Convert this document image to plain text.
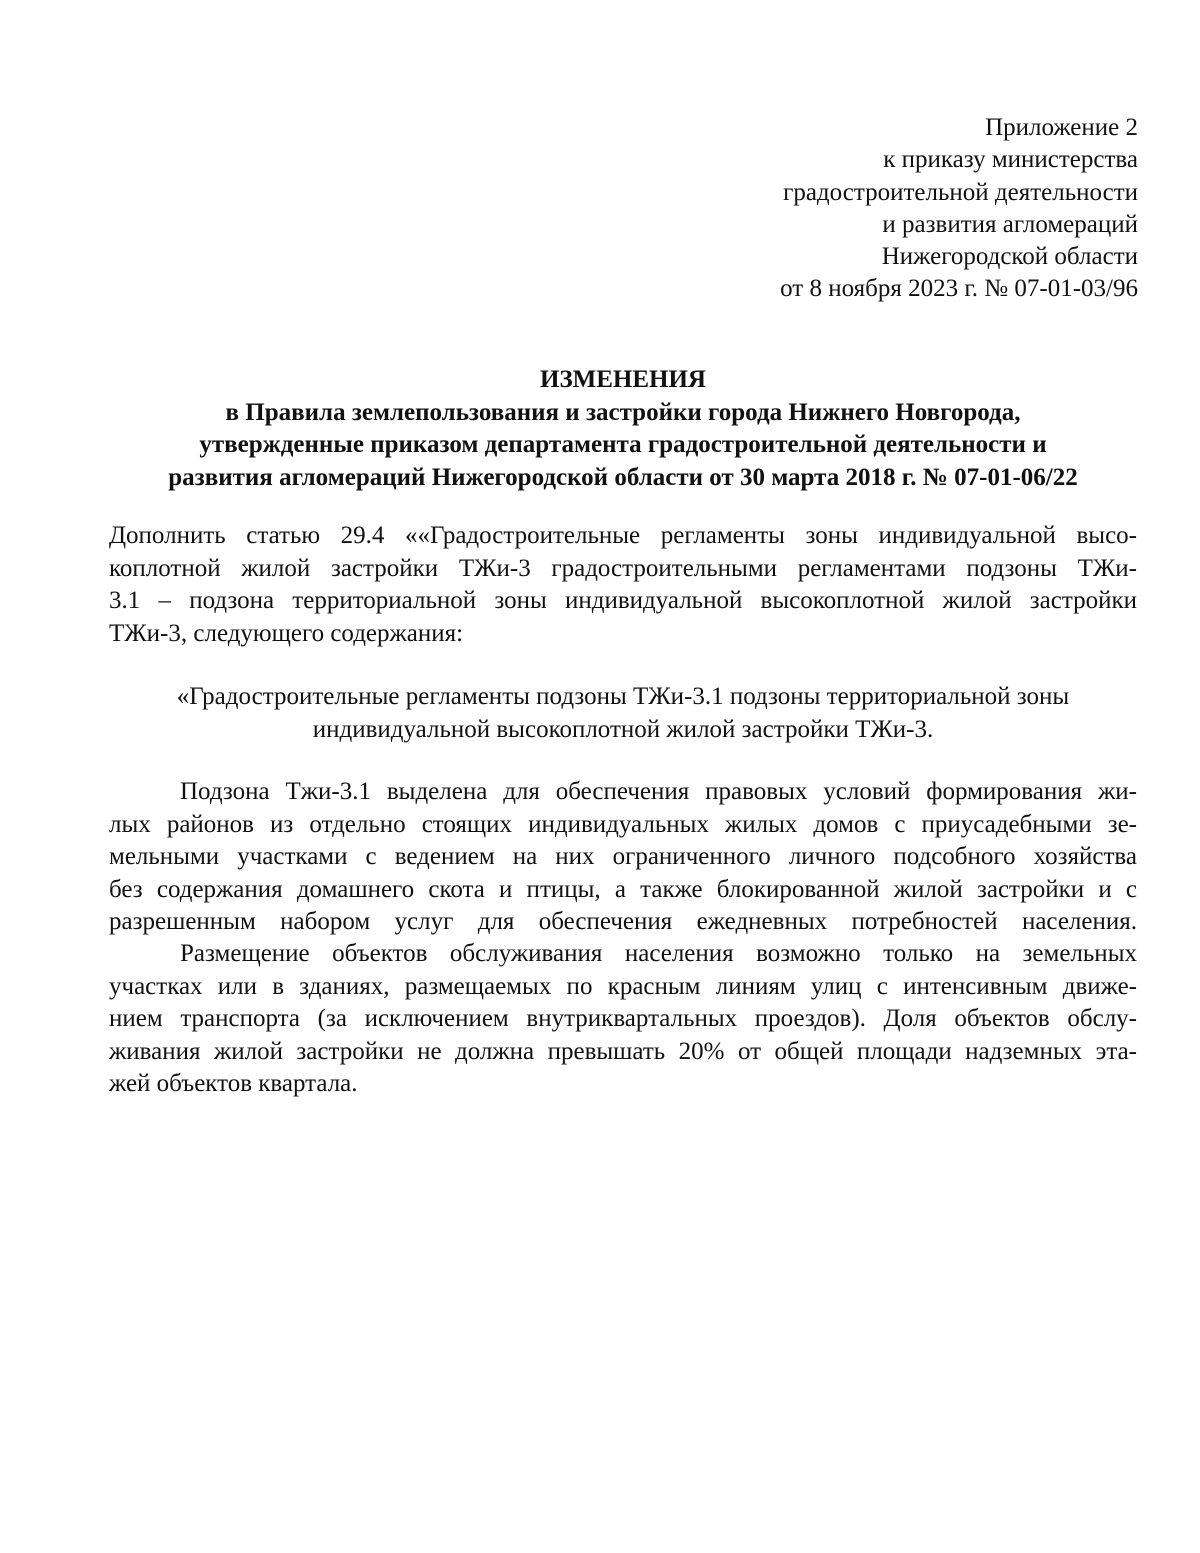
Приложение 2
к приказу министерства
градостроительной деятельности
и развития агломераций
Нижегородской области
от 8 ноября 2023 г. № 07-01-03/96
ИЗМЕНЕНИЯ
в Правила землепользования и застройки города Нижнего Новгорода,
утвержденные приказом департамента градостроительной деятельности и
развития агломераций Нижегородской области от 30 марта 2018 г. № 07-01-06/22
Дополнить статью 29.4 ««Градостроительные регламенты зоны индивидуальной высо-
коплотной жилой застройки ТЖи-3 градостроительными регламентами подзоны ТЖи-
3.1 – подзона территориальной зоны индивидуальной высокоплотной жилой застройки
ТЖи-3, следующего содержания:
«Градостроительные регламенты подзоны ТЖи-3.1 подзоны территориальной зоны
индивидуальной высокоплотной жилой застройки ТЖи-3.
Подзона Тжи-3.1 выделена для обеспечения правовых условий формирования жи-
лых районов из отдельно стоящих индивидуальных жилых домов с приусадебными зе-
мельными участками с ведением на них ограниченного личного подсобного хозяйства
без содержания домашнего скота и птицы, а также блокированной жилой застройки и с
разрешенным набором услуг для обеспечения ежедневных потребностей населения.
Размещение объектов обслуживания населения возможно только на земельных
участках или в зданиях, размещаемых по красным линиям улиц с интенсивным движе-
нием транспорта (за исключением внутриквартальных проездов). Доля объектов обслу-
живания жилой застройки не должна превышать 20% от общей площади надземных эта-
жей объектов квартала.
